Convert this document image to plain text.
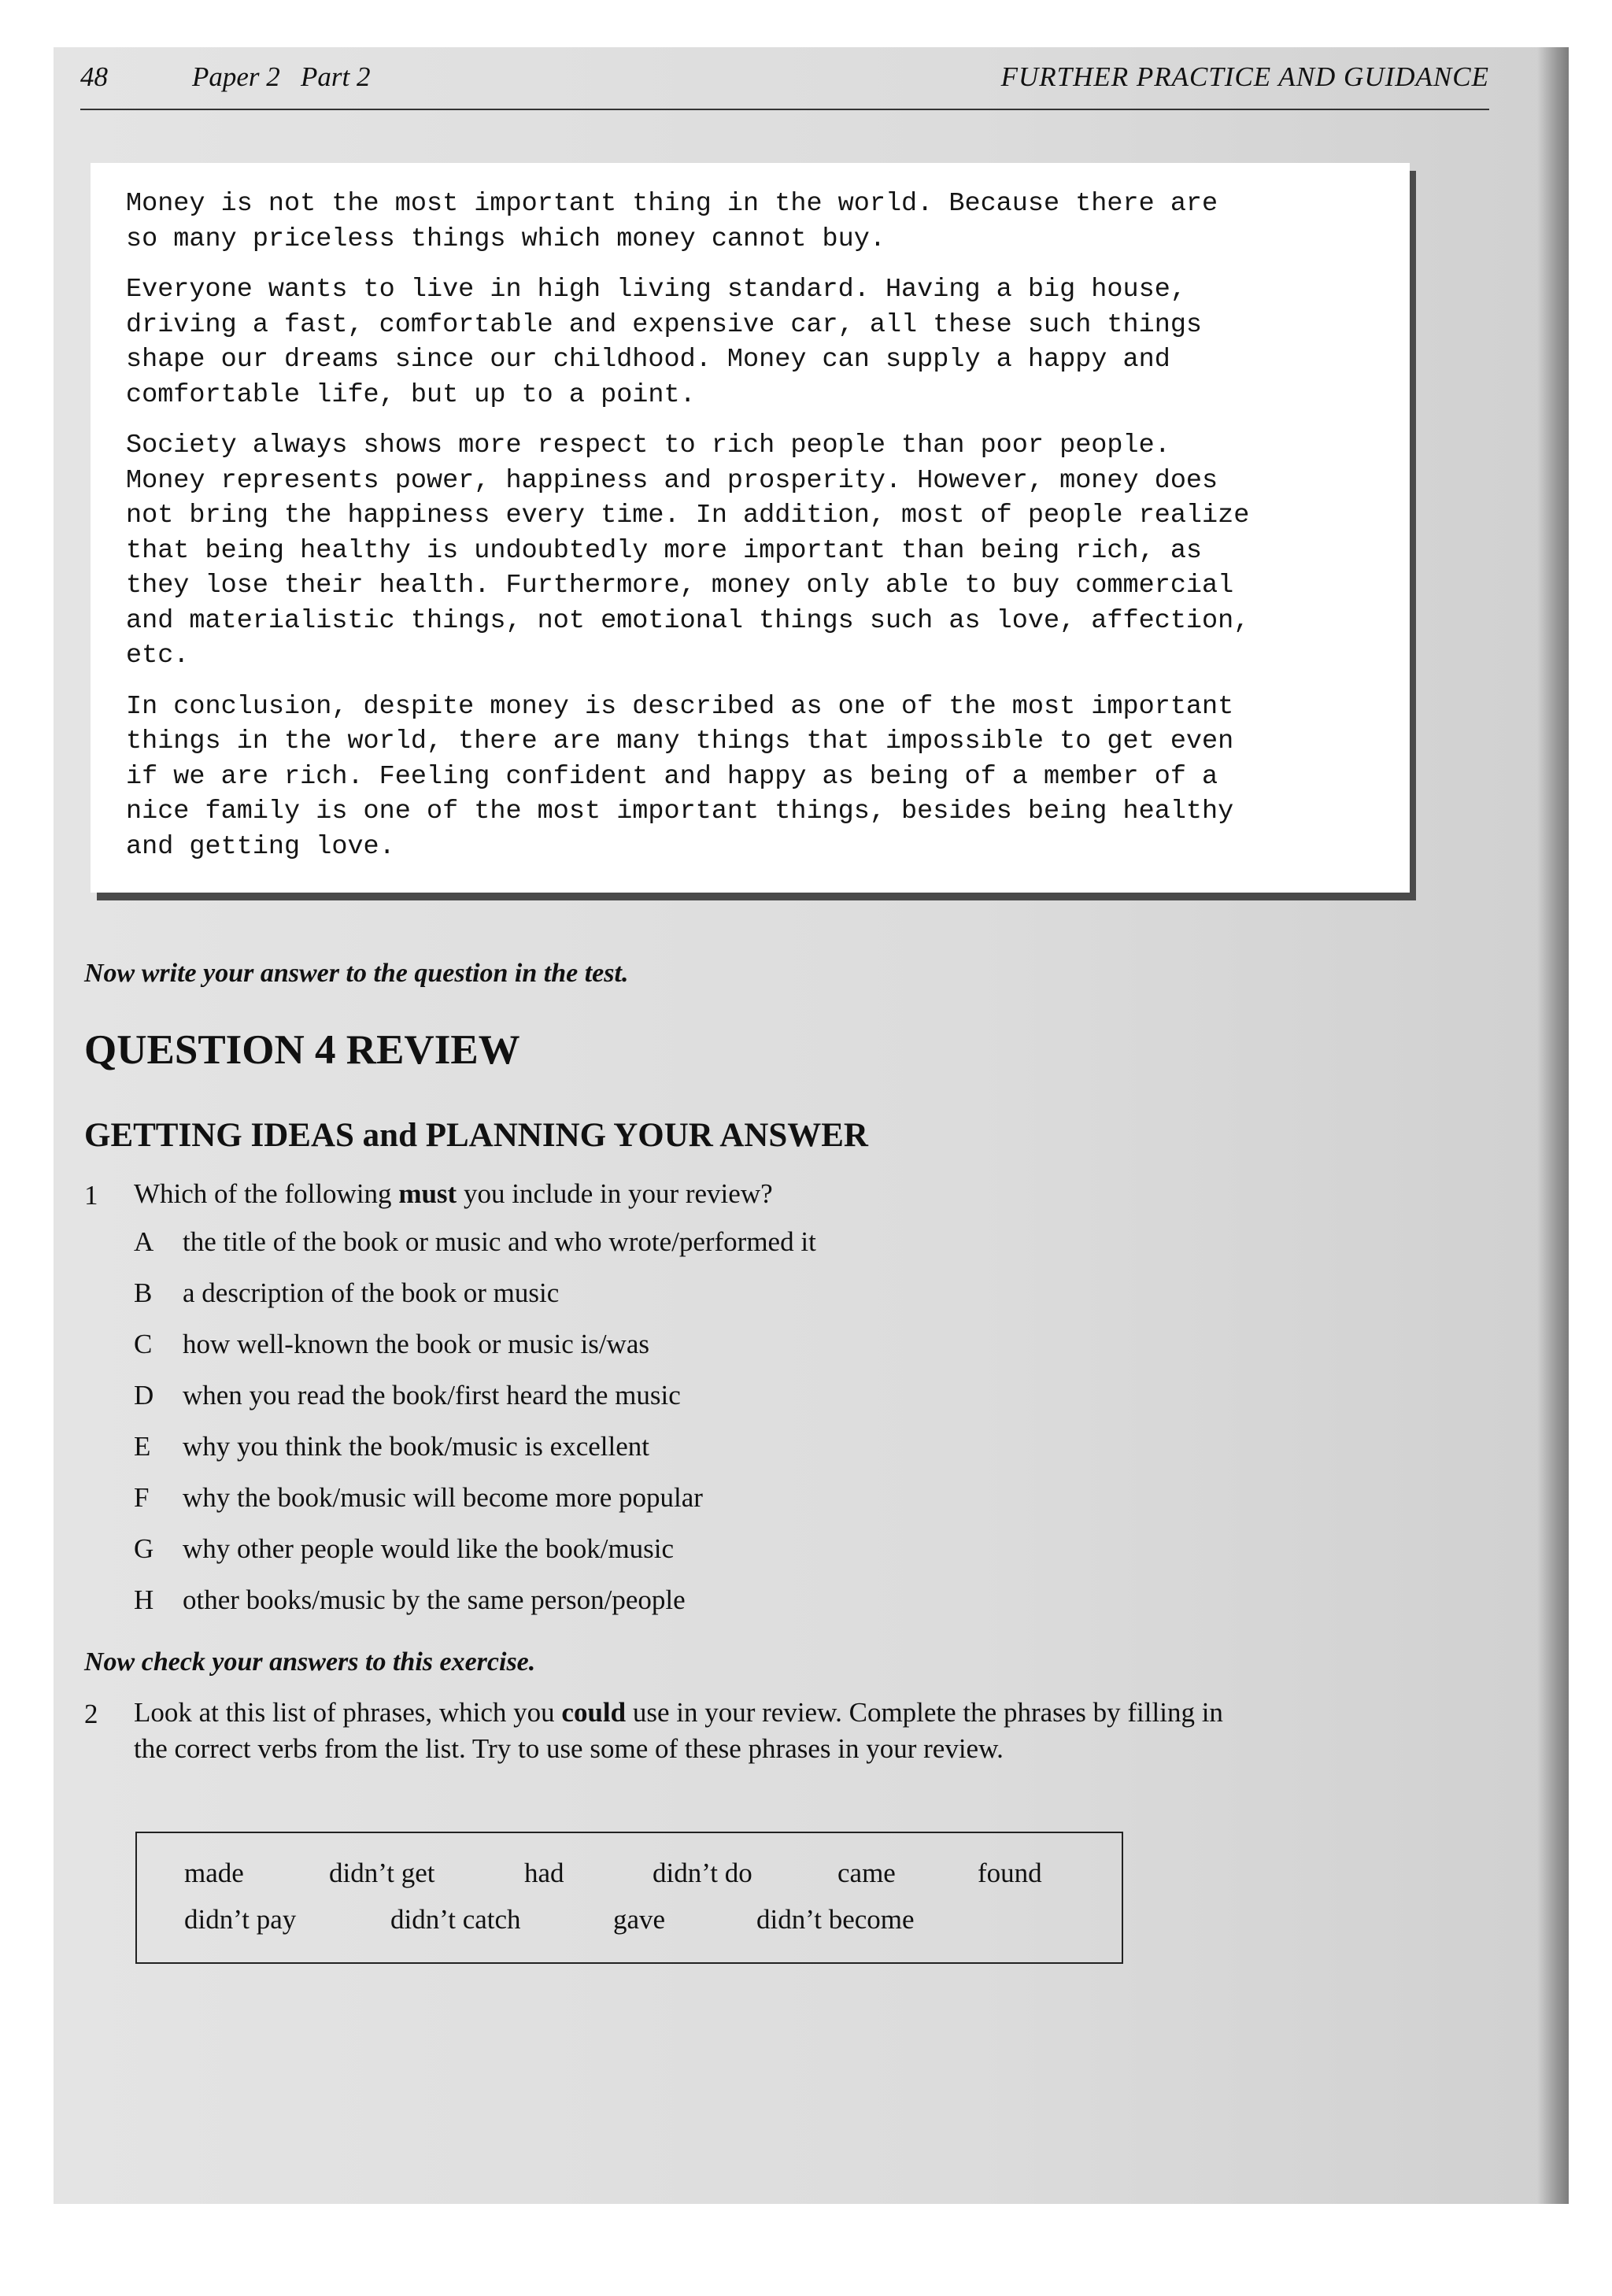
48	Paper 2   Part 2	FURTHER PRACTICE AND GUIDANCE

Money is not the most important thing in the world. Because there are
so many priceless things which money cannot buy.

Everyone wants to live in high living standard. Having a big house,
driving a fast, comfortable and expensive car, all these such things
shape our dreams since our childhood. Money can supply a happy and
comfortable life, but up to a point.

Society always shows more respect to rich people than poor people.
Money represents power, happiness and prosperity. However, money does
not bring the happiness every time. In addition, most of people realize
that being healthy is undoubtedly more important than being rich, as
they lose their health. Furthermore, money only able to buy commercial
and materialistic things, not emotional things such as love, affection,
etc.

In conclusion, despite money is described as one of the most important
things in the world, there are many things that impossible to get even
if we are rich. Feeling confident and happy as being of a member of a
nice family is one of the most important things, besides being healthy
and getting love.

Now write your answer to the question in the test.
QUESTION 4 REVIEW
GETTING IDEAS and PLANNING YOUR ANSWER
1 Which of the following must you include in your review?
A the title of the book or music and who wrote/performed it
B a description of the book or music
C how well-known the book or music is/was
D when you read the book/first heard the music
E why you think the book/music is excellent
F why the book/music will become more popular
G why other people would like the book/music
H other books/music by the same person/people
Now check your answers to this exercise.
2 Look at this list of phrases, which you could use in your review. Complete the phrases by filling in
the correct verbs from the list. Try to use some of these phrases in your review.
made	didn’t get	had	didn’t do	came	found
didn’t pay	didn’t catch	gave	didn’t become
